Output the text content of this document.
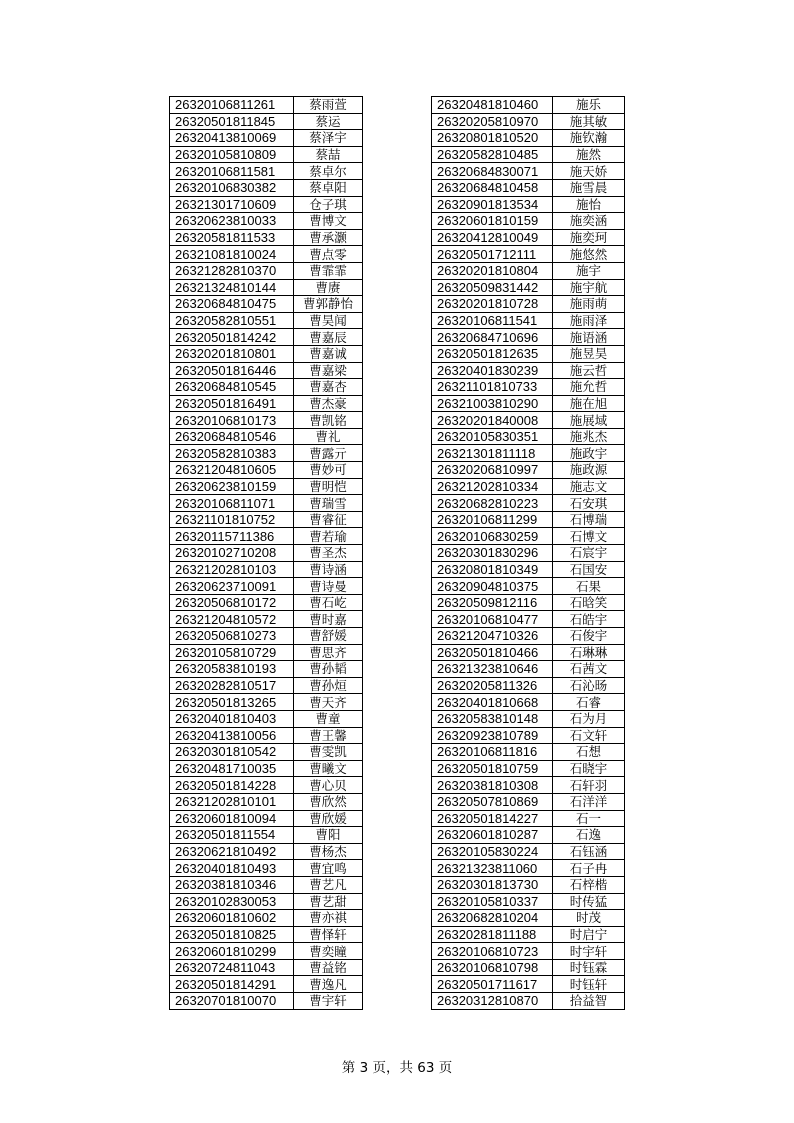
26320106811261	蔡雨萱
26320501811845	蔡运
26320413810069	蔡泽宇
26320105810809	蔡喆
26320106811581	蔡卓尔
26320106830382	蔡卓阳
26321301710609	仓子琪
26320623810033	曹博文
26320581811533	曹承灏
26321081810024	曹点零
26321282810370	曹霏霏
26321324810144	曹赓
26320684810475	曹郭静怡
26320582810551	曹昊闻
26320501814242	曹嘉辰
26320201810801	曹嘉诚
26320501816446	曹嘉梁
26320684810545	曹嘉杏
26320501816491	曹杰豪
26320106810173	曹凯铭
26320684810546	曹礼
26320582810383	曹露亓
26321204810605	曹妙可
26320623810159	曹明恺
26320106811071	曹瑞雪
26321101810752	曹睿征
26320115711386	曹若瑜
26320102710208	曹圣杰
26321202810103	曹诗涵
26320623710091	曹诗曼
26320506810172	曹石屹
26321204810572	曹时嘉
26320506810273	曹舒媛
26320105810729	曹思齐
26320583810193	曹孙韬
26320282810517	曹孙烜
26320501813265	曹天齐
26320401810403	曹童
26320413810056	曹王馨
26320301810542	曹雯凯
26320481710035	曹曦文
26320501814228	曹心贝
26321202810101	曹欣然
26320601810094	曹欣媛
26320501811554	曹阳
26320621810492	曹杨杰
26320401810493	曹宜鸣
26320381810346	曹艺凡
26320102830053	曹艺甜
26320601810602	曹亦祺
26320501810825	曹怿轩
26320601810299	曹奕瞳
26320724811043	曹益铭
26320501814291	曹逸凡
26320701810070	曹宇轩
26320481810460	施乐
26320205810970	施其敏
26320801810520	施钦瀚
26320582810485	施然
26320684830071	施天娇
26320684810458	施雪晨
26320901813534	施怡
26320601810159	施奕涵
26320412810049	施奕珂
26320501712111	施悠然
26320201810804	施宇
26320509831442	施宇航
26320201810728	施雨萌
26320106811541	施雨泽
26320684710696	施语涵
26320501812635	施昱昊
26320401830239	施云哲
26321101810733	施允哲
26321003810290	施在旭
26320201840008	施展域
26320105830351	施兆杰
26321301811118	施政宇
26320206810997	施政源
26321202810334	施志文
26320682810223	石安琪
26320106811299	石博瑞
26320106830259	石博文
26320301830296	石宸宇
26320801810349	石国安
26320904810375	石果
26320509812116	石晗笑
26320106810477	石皓宇
26321204710326	石俊宇
26320501810466	石琳琳
26321323810646	石茜文
26320205811326	石沁旸
26320401810668	石睿
26320583810148	石为月
26320923810789	石文轩
26320106811816	石想
26320501810759	石晓宇
26320381810308	石轩羽
26320507810869	石洋洋
26320501814227	石一
26320601810287	石逸
26320105830224	石钰涵
26321323811060	石子冉
26320301813730	石梓楷
26320105810337	时传猛
26320682810204	时茂
26320281811188	时启宁
26320106810723	时宇轩
26320106810798	时钰霖
26320501711617	时钰轩
26320312810870	拾益智
第 3 页，共 63 页
